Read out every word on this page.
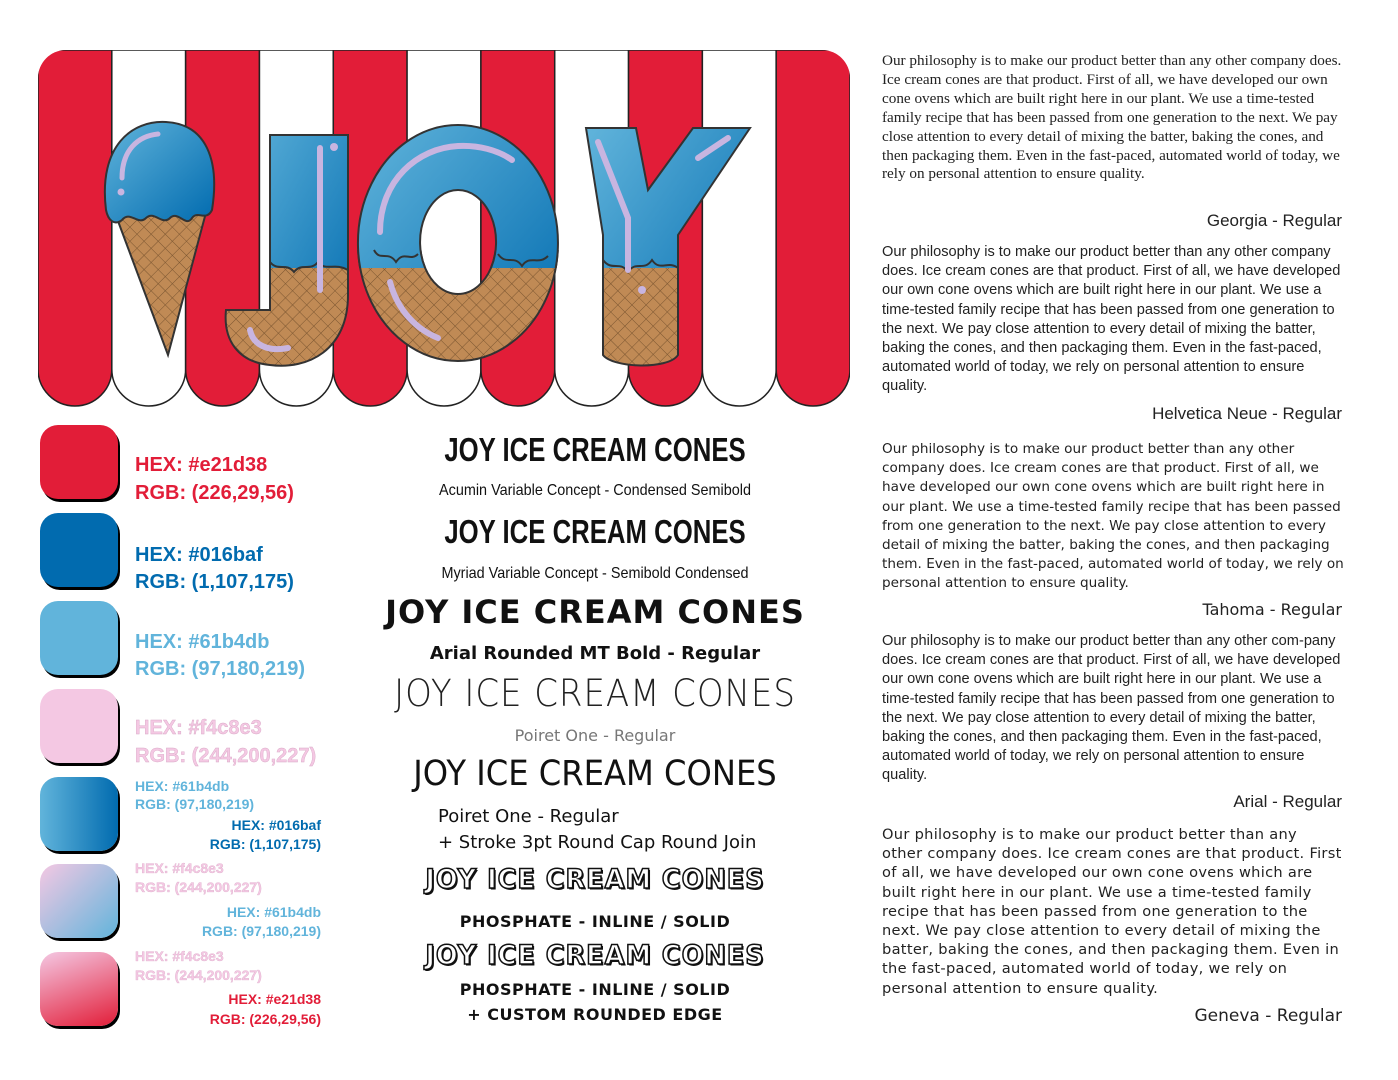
HEX: #e21d38
RGB: (226,29,56)
HEX: #016baf
RGB: (1,107,175)
HEX: #61b4db
RGB: (97,180,219)
HEX: #f4c8e3
RGB: (244,200,227)
HEX: #61b4db
RGB: (97,180,219)
HEX: #016baf
RGB: (1,107,175)
HEX: #f4c8e3
RGB: (244,200,227)
HEX: #61b4db
RGB: (97,180,219)
HEX: #f4c8e3
RGB: (244,200,227)
HEX: #e21d38
RGB: (226,29,56)
JOY ICE CREAM CONES
Acumin Variable Concept - Condensed Semibold
JOY ICE CREAM CONES
Myriad Variable Concept - Semibold Condensed
JOY ICE CREAM CONES
Arial Rounded MT Bold - Regular
JOY ICE CREAM CONES
Poiret One - Regular
JOY ICE CREAM CONES
Poiret One - Regular
+ Stroke 3pt Round Cap Round Join
JOY ICE CREAM CONES
PHOSPHATE - INLINE / SOLID
JOY ICE CREAM CONES
PHOSPHATE - INLINE / SOLID
+ CUSTOM ROUNDED EDGE

Our philosophy is to make our product better than any other company does. Ice cream cones are that product. First of all, we have developed our own cone ovens which are built right here in our plant. We use a time-tested family recipe that has been passed from one generation to the next. We pay close attention to every detail of mixing the batter, baking the cones, and then packaging them. Even in the fast-paced, automated world of today, we rely on personal attention to ensure quality.

Georgia - Regular

Our philosophy is to make our product better than any other company does. Ice cream cones are that product. First of all, we have developed our own cone ovens which are built right here in our plant. We use a time-tested family recipe that has been passed from one generation to the next. We pay close attention to every detail of mixing the batter, baking the cones, and then packaging them. Even in the fast-paced, automated world of today, we rely on personal attention to ensure quality.

Helvetica Neue - Regular

Our philosophy is to make our product better than any other company does. Ice cream cones are that product. First of all, we have developed our own cone ovens which are built right here in our plant. We use a time-tested family recipe that has been passed from one generation to the next. We pay close attention to every detail of mixing the batter, baking the cones, and then packaging them. Even in the fast-paced, automated world of today, we rely on personal attention to ensure quality.

Tahoma - Regular

Our philosophy is to make our product better than any other com-pany does. Ice cream cones are that product. First of all, we have developed our own cone ovens which are built right here in our plant. We use a time-tested family recipe that has been passed from one generation to the next. We pay close attention to every detail of mixing the batter, baking the cones, and then packaging them. Even in the fast-paced, automated world of today, we rely on personal attention to ensure quality.

Arial - Regular

Our philosophy is to make our product better than any other company does. Ice cream cones are that product. First of all, we have developed our own cone ovens which are built right here in our plant. We use a time-tested family recipe that has been passed from one generation to the next. We pay close attention to every detail of mixing the batter, baking the cones, and then packaging them. Even in the fast-paced, automated world of today, we rely on personal attention to ensure quality.

Geneva - Regular
